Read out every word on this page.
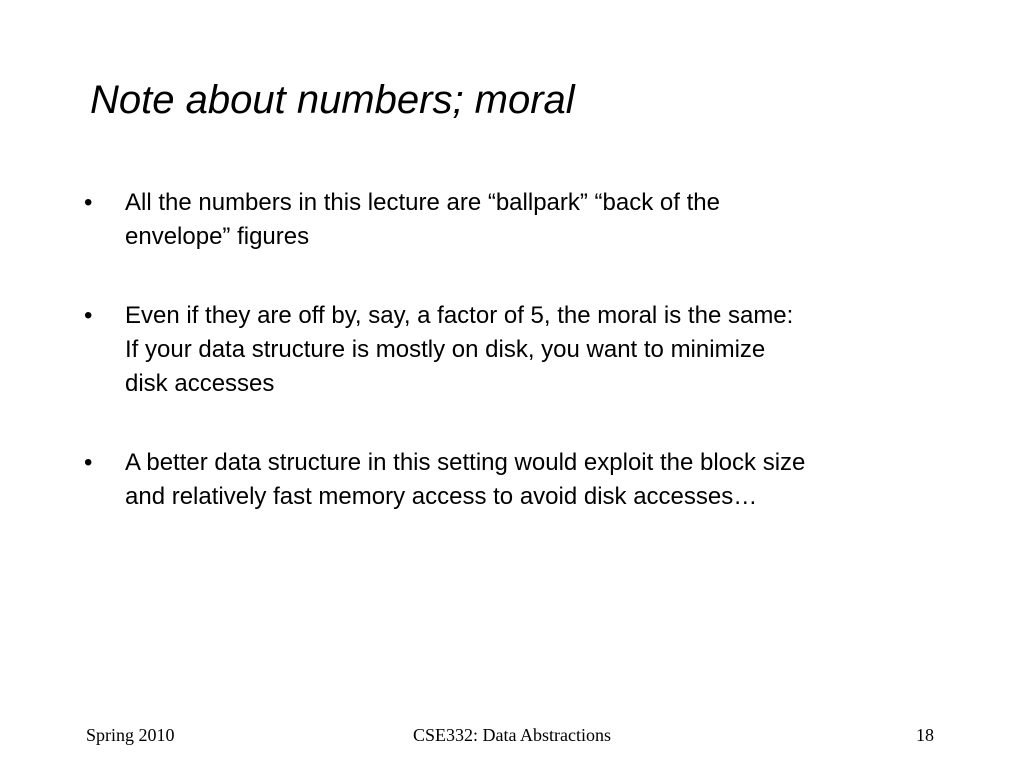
Note about numbers; moral
•	All the numbers in this lecture are “ballpark” “back of the
envelope” figures
•	Even if they are off by, say, a factor of 5, the moral is the same:
If your data structure is mostly on disk, you want to minimize
disk accesses
•	A better data structure in this setting would exploit the block size
and relatively fast memory access to avoid disk accesses…
Spring 2010	CSE332: Data Abstractions	18
